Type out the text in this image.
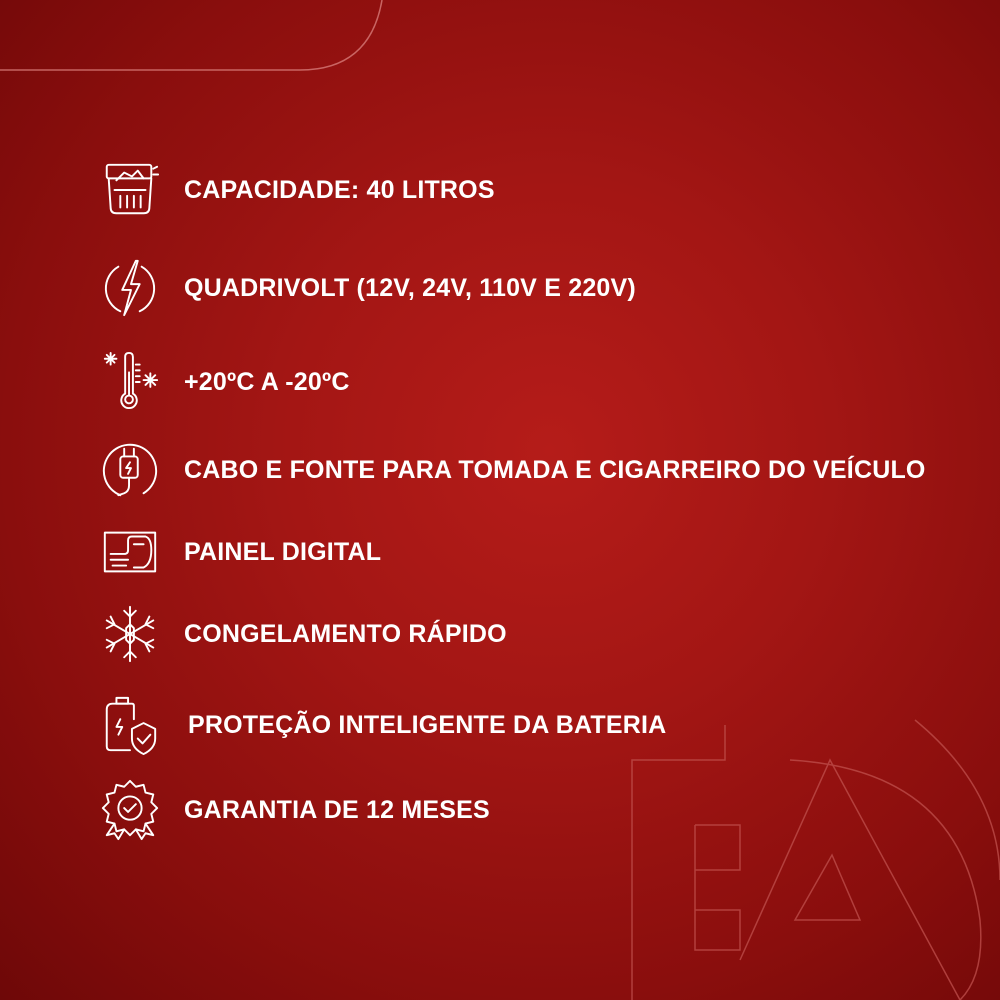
CAPACIDADE: 40 LITROS
QUADRIVOLT (12V, 24V, 110V E 220V)
+20ºC A -20ºC
CABO E FONTE PARA TOMADA E CIGARREIRO DO VEÍCULO
PAINEL DIGITAL
CONGELAMENTO RÁPIDO
PROTEÇÃO INTELIGENTE DA BATERIA
GARANTIA DE 12 MESES
